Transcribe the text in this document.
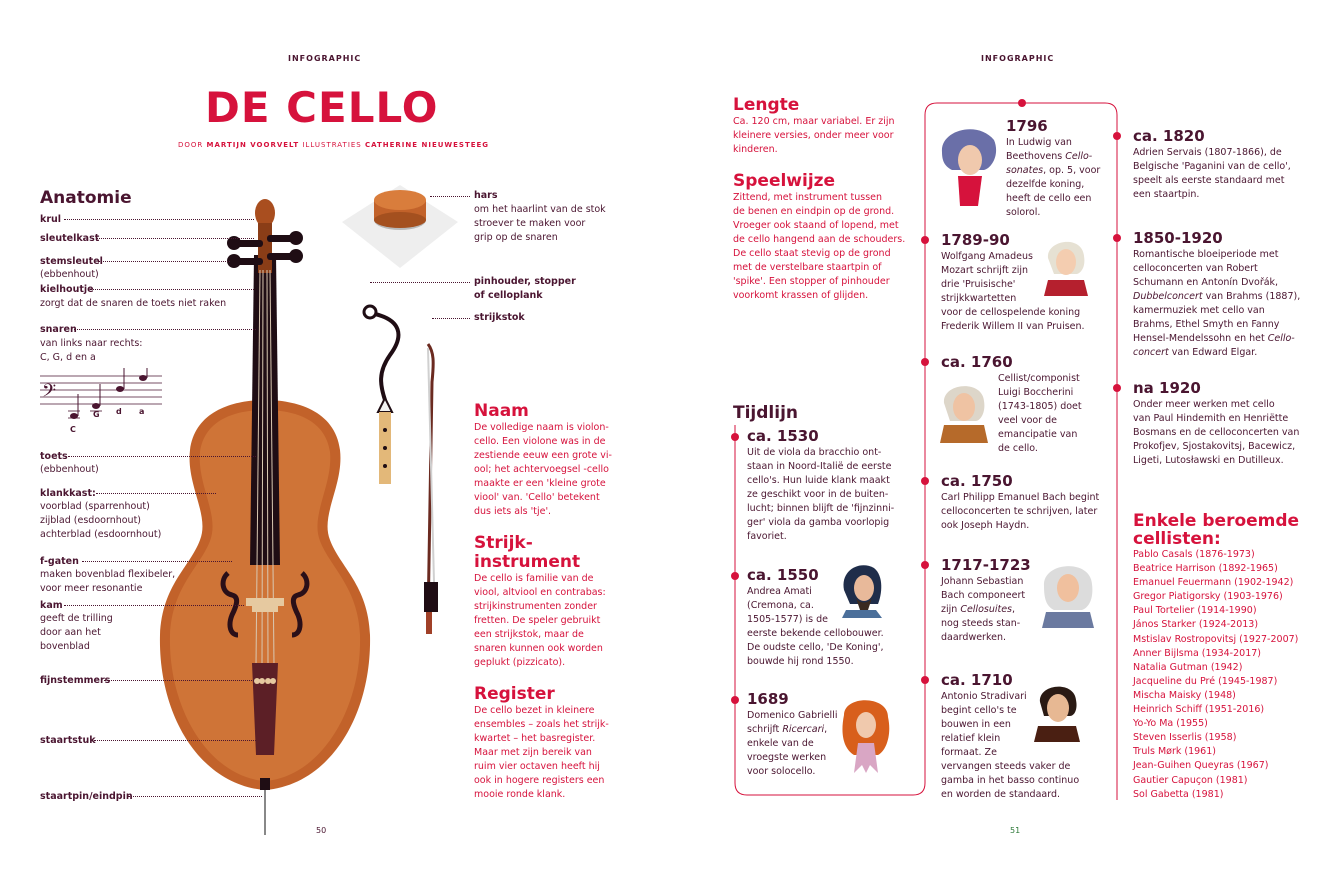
INFOGRAPHIC
DE CELLO
DOOR MARTIJN VOORVELT ILLUSTRATIES CATHERINE NIEUWESTEEG
Anatomie
𝄢
C
G d a
krul
sleutelkast
stemsleutel
(ebbenhout)
kielhoutje
zorgt dat de snaren de toets niet raken
snaren
van links naar rechts:
C, G, d en a
toets
(ebbenhout)
klankkast:
voorblad (sparrenhout)
zijblad (esdoornhout)
achterblad (esdoornhout)
f-gaten
maken bovenblad flexibeler,
voor meer resonantie
kam
geeft de trilling
door aan het
bovenblad
fijnstemmers
staartstuk
staartpin/eindpin
hars
om het haarlint van de stok
stroever te maken voor
grip op de snaren
pinhouder, stopper
of celloplank
strijkstok
Naam
De volledige naam is violon-
cello. Een violone was in de
zestiende eeuw een grote vi-
ool; het achtervoegsel -cello
maakte er een 'kleine grote
viool' van. 'Cello' betekent
dus iets als 'tje'.
Strijk-
instrument
De cello is familie van de
viool, altviool en contrabas:
strijkinstrumenten zonder
fretten. De speler gebruikt
een strijkstok, maar de
snaren kunnen ook worden
geplukt (pizzicato).
Register
De cello bezet in kleinere
ensembles – zoals het strijk-
kwartet – het basregister.
Maar met zijn bereik van
ruim vier octaven heeft hij
ook in hogere registers een
mooie ronde klank.
50
INFOGRAPHIC
Lengte
Ca. 120 cm, maar variabel. Er zijn
kleinere versies, onder meer voor
kinderen.
Speelwijze
Zittend, met instrument tussen
de benen en eindpin op de grond.
Vroeger ook staand of lopend, met
de cello hangend aan de schouders.
De cello staat stevig op de grond
met de verstelbare staartpin of
'spike'. Een stopper of pinhouder
voorkomt krassen of glijden.
Tijdlijn
ca. 1530
Uit de viola da bracchio ont-
staan in Noord-Italië de eerste
cello's. Hun luide klank maakt
ze geschikt voor in de buiten-
lucht; binnen blijft de 'fijnzinni-
ger' viola da gamba voorlopig
favoriet.
ca. 1550
Andrea Amati
(Cremona, ca.
1505-1577) is de
eerste bekende cellobouwer.
De oudste cello, 'De Koning',
bouwde hij rond 1550.
1689
Domenico Gabrielli
schrijft Ricercari,
enkele van de
vroegste werken
voor solocello.
1796
In Ludwig van
Beethovens Cello-
sonates, op. 5, voor
dezelfde koning,
heeft de cello een
solorol.
1789-90
Wolfgang Amadeus
Mozart schrijft zijn
drie 'Pruisische'
strijkkwartetten
voor de cellospelende koning
Frederik Willem II van Pruisen.
ca. 1760
Cellist/componist
Luigi Boccherini
(1743-1805) doet
veel voor de
emancipatie van
de cello.
ca. 1750
Carl Philipp Emanuel Bach begint
celloconcerten te schrijven, later
ook Joseph Haydn.
1717-1723
Johann Sebastian
Bach componeert
zijn Cellosuites,
nog steeds stan-
daardwerken.
ca. 1710
Antonio Stradivari
begint cello's te
bouwen in een
relatief klein
formaat. Ze
vervangen steeds vaker de
gamba in het basso continuo
en worden de standaard.
ca. 1820
Adrien Servais (1807-1866), de
Belgische 'Paganini van de cello',
speelt als eerste standaard met
een staartpin.
1850-1920
Romantische bloeiperiode met
celloconcerten van Robert
Schumann en Antonín Dvořák,
Dubbelconcert van Brahms (1887),
kamermuziek met cello van
Brahms, Ethel Smyth en Fanny
Hensel-Mendelssohn en het Cello-
concert van Edward Elgar.
na 1920
Onder meer werken met cello
van Paul Hindemith en Henriëtte
Bosmans en de celloconcerten van
Prokofjev, Sjostakovitsj, Bacewicz,
Ligeti, Lutosławski en Dutilleux.
Enkele beroemde
cellisten:
Pablo Casals (1876-1973)
Beatrice Harrison (1892-1965)
Emanuel Feuermann (1902-1942)
Gregor Piatigorsky (1903-1976)
Paul Tortelier (1914-1990)
János Starker (1924-2013)
Mstislav Rostropovitsj (1927-2007)
Anner Bijlsma (1934-2017)
Natalia Gutman (1942)
Jacqueline du Pré (1945-1987)
Mischa Maisky (1948)
Heinrich Schiff (1951-2016)
Yo-Yo Ma (1955)
Steven Isserlis (1958)
Truls Mørk (1961)
Jean-Guihen Queyras (1967)
Gautier Capuçon (1981)
Sol Gabetta (1981)
51
